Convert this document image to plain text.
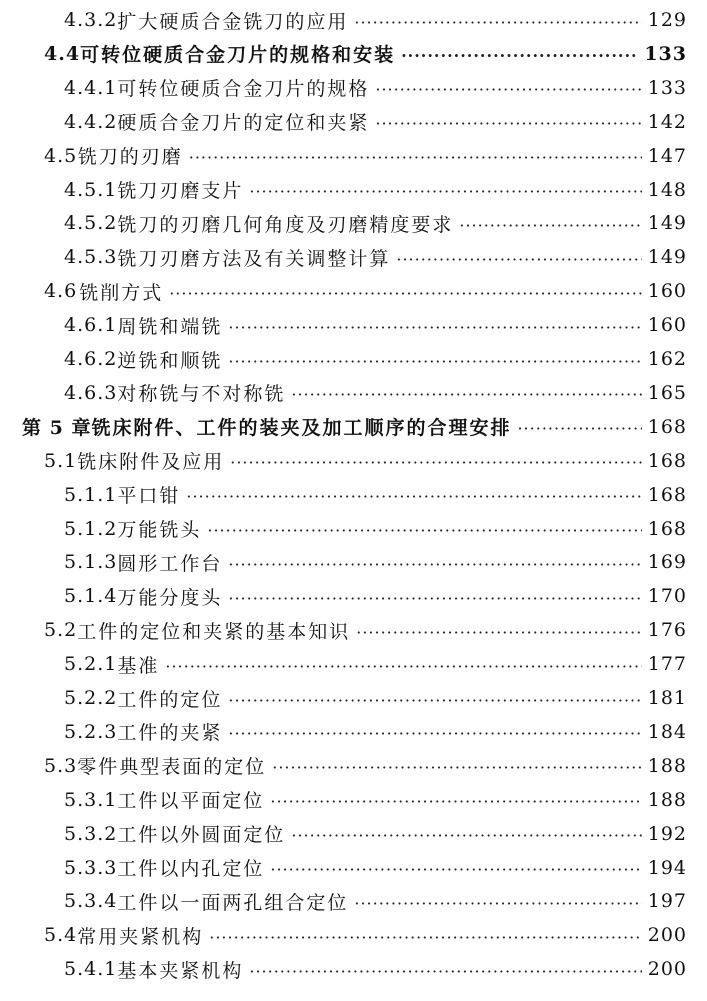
4.3.2 扩大硬质合金铣刀的应用 ·····	129
4.4 可转位硬质合金刀片的规格和安装 ·····	133
4.4.1 可转位硬质合金刀片的规格 ·····	133
4.4.2 硬质合金刀片的定位和夹紧 ·····	142
4.5 铣刀的刃磨 ·····	147
4.5.1 铣刀刃磨支片 ·····	148
4.5.2 铣刀的刃磨几何角度及刃磨精度要求 ·····	149
4.5.3 铣刀刃磨方法及有关调整计算 ·····	149
4.6 铣削方式 ·····	160
4.6.1 周铣和端铣 ·····	160
4.6.2 逆铣和顺铣 ·····	162
4.6.3 对称铣与不对称铣 ·····	165
第 5 章 铣床附件、工件的装夹及加工顺序的合理安排 ·····	168
5.1 铣床附件及应用 ·····	168
5.1.1 平口钳 ·····	168
5.1.2 万能铣头 ·····	168
5.1.3 圆形工作台 ·····	169
5.1.4 万能分度头 ·····	170
5.2 工件的定位和夹紧的基本知识 ·····	176
5.2.1 基准 ·····	177
5.2.2 工件的定位 ·····	181
5.2.3 工件的夹紧 ·····	184
5.3 零件典型表面的定位 ·····	188
5.3.1 工件以平面定位 ·····	188
5.3.2 工件以外圆面定位 ·····	192
5.3.3 工件以内孔定位 ·····	194
5.3.4 工件以一面两孔组合定位 ·····	197
5.4 常用夹紧机构 ·····	200
5.4.1 基本夹紧机构 ·····	200
